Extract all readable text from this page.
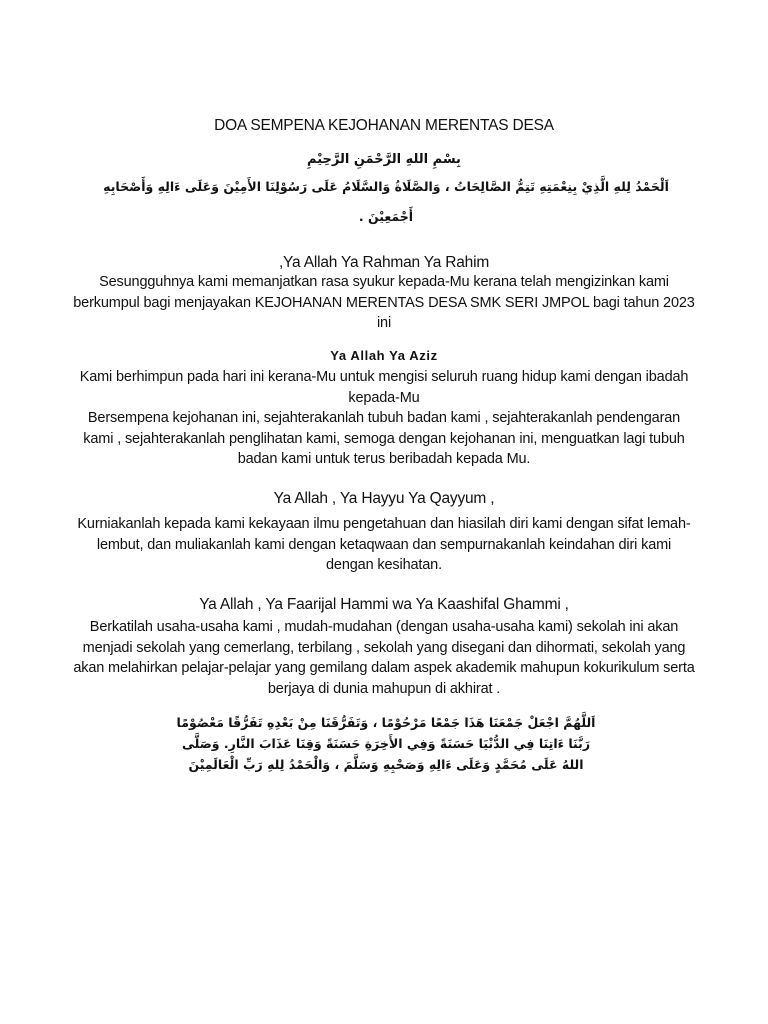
DOA SEMPENA KEJOHANAN MERENTAS DESA
بِسْمِ اللهِ الرَّحْمَنِ الرَّحِيْمِ
اَلْحَمْدُ لِلهِ الَّذِيْ بِنِعْمَتِهِ تَتِمُّ الصَّالِحَاتُ ، وَالصَّلَاةُ وَالسَّلَامُ عَلَى رَسُوْلِنَا الأَمِيْنَ وَعَلَى ءَالِهِ وَأَصْحَابِهِ أَجْمَعِيْنَ .
,Ya Allah Ya Rahman Ya Rahim
Sesungguhnya kami memanjatkan rasa syukur kepada-Mu kerana telah mengizinkan kami berkumpul bagi menjayakan KEJOHANAN MERENTAS DESA SMK SERI JMPOL bagi tahun 2023 ini
Ya Allah Ya Aziz
Kami berhimpun pada hari ini kerana-Mu untuk mengisi seluruh ruang hidup kami dengan ibadah kepada-Mu
Bersempena kejohanan ini, sejahterakanlah tubuh badan kami , sejahterakanlah pendengaran kami , sejahterakanlah penglihatan kami, semoga dengan kejohanan ini, menguatkan lagi tubuh badan kami untuk terus beribadah kepada Mu.
Ya Allah , Ya Hayyu Ya Qayyum ,
Kurniakanlah kepada kami kekayaan ilmu pengetahuan dan hiasilah diri kami dengan sifat lemah-lembut, dan muliakanlah kami dengan ketaqwaan dan sempurnakanlah keindahan diri kami dengan kesihatan.
Ya Allah , Ya Faarijal Hammi wa Ya Kaashifal Ghammi ,
Berkatilah usaha-usaha kami , mudah-mudahan (dengan usaha-usaha kami) sekolah ini akan menjadi sekolah yang cemerlang, terbilang , sekolah yang disegani dan dihormati, sekolah yang akan melahirkan pelajar-pelajar yang gemilang dalam aspek akademik mahupun kokurikulum serta berjaya di dunia mahupun di akhirat .
اَللَّهُمَّ اجْعَلْ جَمْعَنَا هَذَا جَمْعًا مَرْحُوْمًا ، وَتَفَرُّقَنَا مِنْ بَعْدِهِ تَفَرُّقًا مَعْصُوْمًا رَبَّنَا ءَاتِنَا فِي الدُّنْيَا حَسَنَةً وَفِي الأَخِرَةِ حَسَنَةً وَقِنَا عَذَابَ النَّارِ. وَصَلَّى اللهُ عَلَى مُحَمَّدٍ وَعَلَى ءَالِهِ وَصَحْبِهِ وَسَلَّمَ ، وَالْحَمْدُ لِلهِ رَبِّ الْعَالَمِيْنَ
